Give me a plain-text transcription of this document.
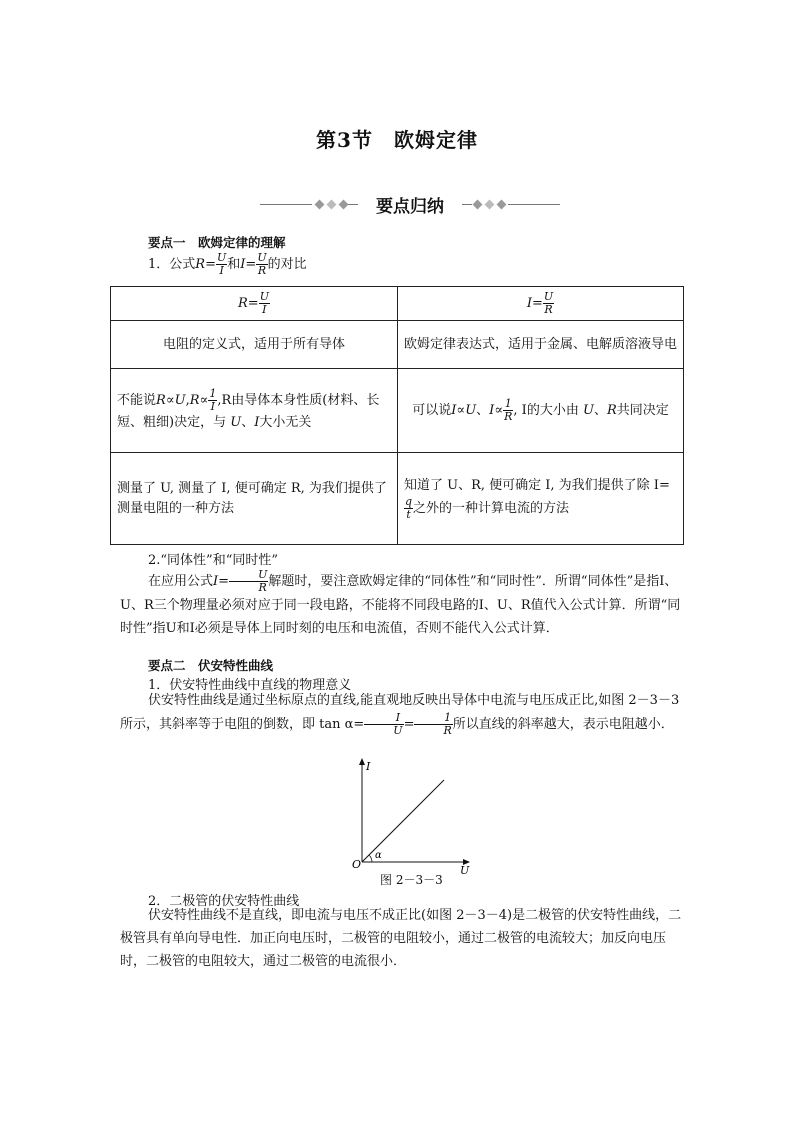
第3节　欧姆定律
要点归纳
要点一　欧姆定律的理解
1．公式$R= \frac{U}{I}$ 和$I= \frac{U}{R}$ 的对比
$R= \frac{U}{I}$	$I= \frac{U}{R}$

电阻的定义式，适用于所有导体	欧姆定律表达式，适用于金属、电解质溶液导电
不能说$R\propto U,R\propto \frac{1}{I} ,R$由导体本身性质(材料、长短、粗细)决定，与 U、I大小无关	可以说I∝U、$I\propto \frac{1}{R}$ , I的大小由 U、R共同决定
测量了 U, 测量了 I, 便可确定 R, 为我们提供了测量电阻的一种方法	知道了 U、R, 便可确定 I, 为我们提供了除 I=
$\frac{q}{t}$ 之外的一种计算电流的方法
2.“同体性”和“同时性”
在应用公式$I= \frac{U}{R}$ 解题时，要注意欧姆定律的“同体性”和“同时性”．所谓“同体性”是指I、U、R三个物理量必须对应于同一段电路，不能将不同段电路的I、U、R值代入公式计算．所谓“同时性”指U和I必须是导体上同时刻的电压和电流值，否则不能代入公式计算．
要点二　伏安特性曲线
1．伏安特性曲线中直线的物理意义
伏安特性曲线是通过坐标原点的直线,能直观地反映出导体中电流与电压成正比,如图 2－3－3 所示，其斜率等于电阻的倒数，即 $\tan \alpha= \frac{I}{U} = \frac{1}{R}$ 所以直线的斜率越大，表示电阻越小．
I
U
O
α
图 2－3－3
2．二极管的伏安特性曲线
伏安特性曲线不是直线，即电流与电压不成正比(如图 2－3－4)是二极管的伏安特性曲线，二极管具有单向导电性．加正向电压时，二极管的电阻较小，通过二极管的电流较大；加反向电压时，二极管的电阻较大，通过二极管的电流很小．
